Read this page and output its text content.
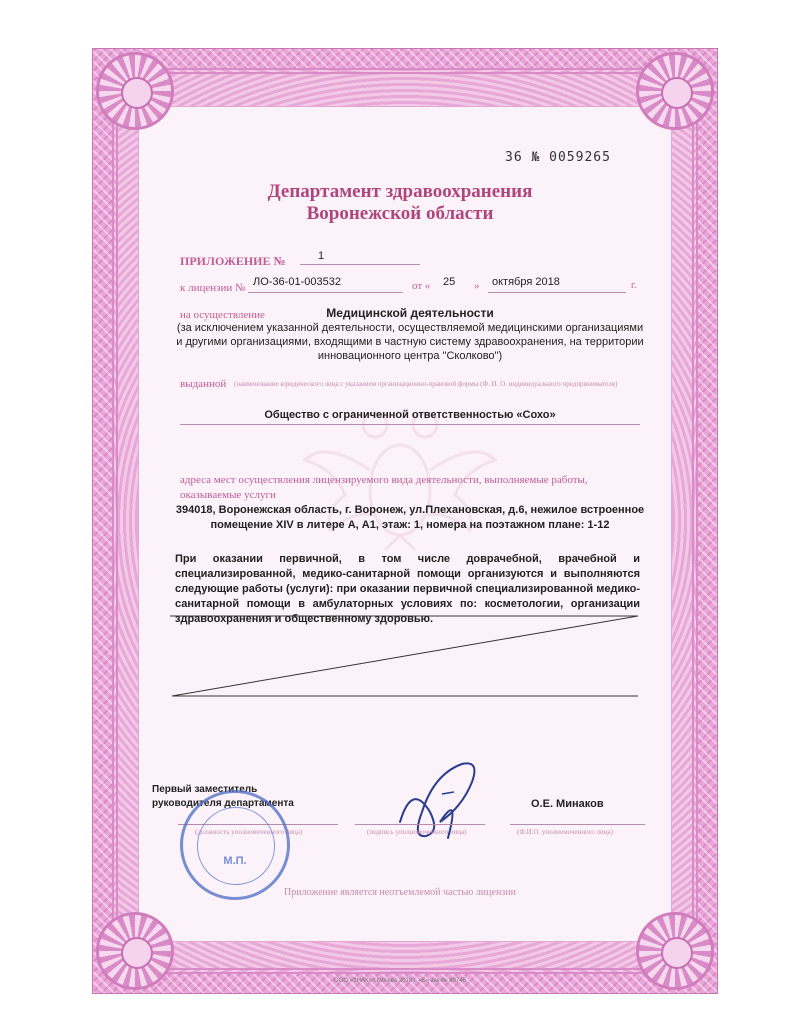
36 № 0059265
Департамент здравоохранения
Воронежской области
ПРИЛОЖЕНИЕ №	1
к лицензии № ЛО-36-01-003532	от « 25 » октября 2018	г.
на осуществление	Медицинской деятельности
(за исключением указанной деятельности, осуществляемой медицинскими организациями и другими организациями, входящими в частную систему здравоохранения, на территории инновационного центра "Сколково")
выданной (наименование юридического лица с указанием организационно-правовой формы (Ф. И. О. индивидуального предпринимателя)
Общество с ограниченной ответственностью «Сохо»
адреса мест осуществления лицензируемого вида деятельности, выполняемые работы, оказываемые услуги
394018, Воронежская область, г. Воронеж, ул.Плехановская, д.6, нежилое встроенное помещение XIV в литере А, А1, этаж: 1, номера на поэтажном плане: 1-12
При оказании первичной, в том числе доврачебной, врачебной и специализированной, медико-санитарной помощи организуются и выполняются следующие работы (услуги): при оказании первичной специализированной медико-санитарной помощи в амбулаторных условиях по: косметологии, организации здравоохранения и общественному здоровью.
Первый заместитель
руководителя департамента	О.Е. Минаков
(должность уполномоченного лица)	(подпись уполномоченного лица)	(Ф.И.О. уполномоченного лица)
М.П.
Приложение является неотъемлемой частью лицензии
ООО «ЗНАК» г.Москва 2018 г. «Б» зак № 69746
